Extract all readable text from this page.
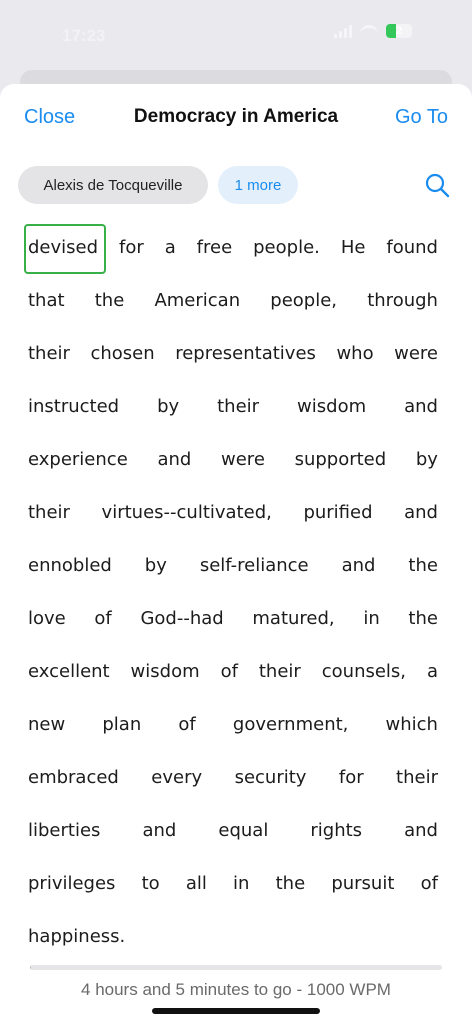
17:23	2
Democracy in America
Close	Go To
Alexis de Tocqueville	1 more
devised for a free people. He found
that the American people, through
their chosen representatives who were
instructed by their wisdom and
experience and were supported by
their virtues--cultivated, purified and
ennobled by self-reliance and the
love of God--had matured, in the
excellent wisdom of their counsels, a
new plan of government, which
embraced every security for their
liberties and equal rights and
privileges to all in the pursuit of
happiness.
4 hours and 5 minutes to go - 1000 WPM
